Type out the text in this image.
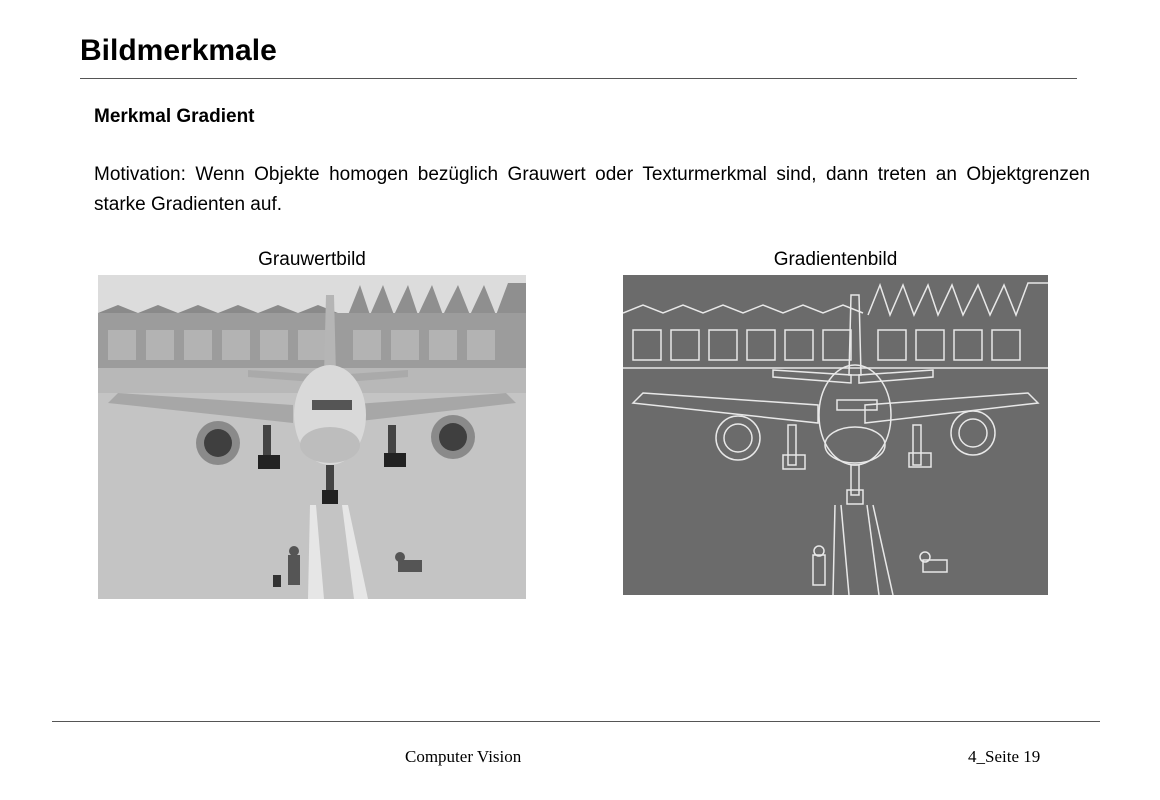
Bildmerkmale
Merkmal Gradient

Motivation: Wenn Objekte homogen bezüglich Grauwert oder Texturmerkmal sind, dann treten an Objektgrenzen starke Gradienten auf.

Grauwertbild	Gradientenbild
Computer Vision	4_Seite 19
